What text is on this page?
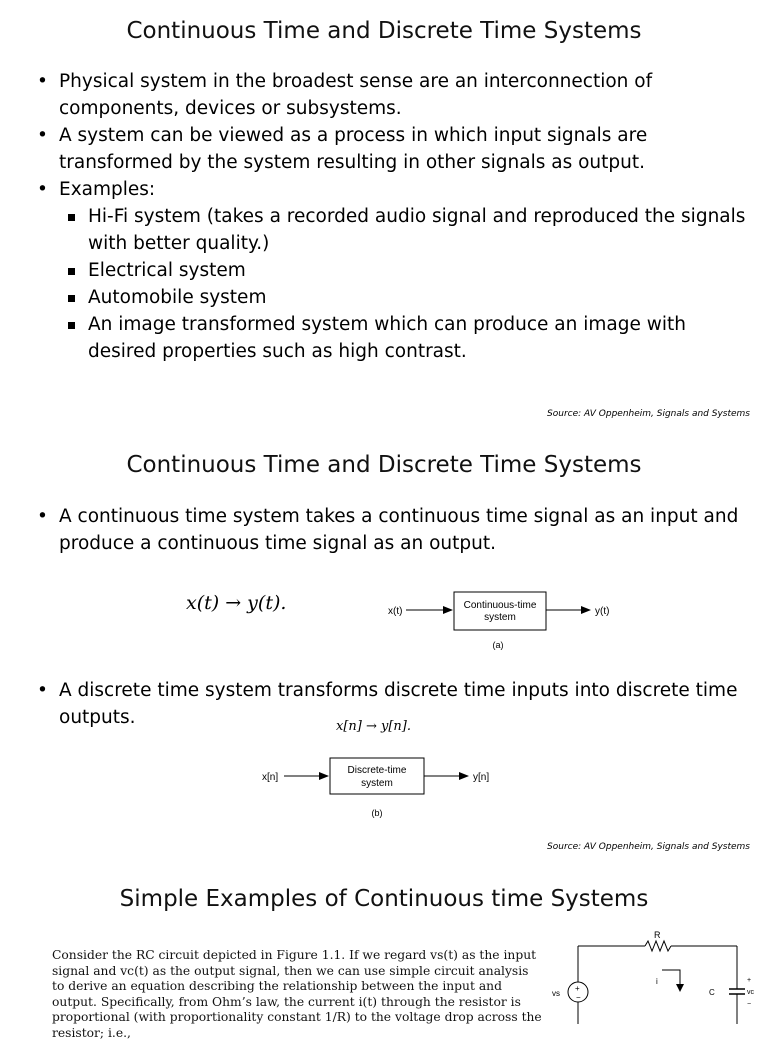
Continuous Time and Discrete Time Systems
• Physical system in the broadest sense are an interconnection of components, devices or subsystems.
• A system can be viewed as a process in which input signals are transformed by the system resulting in other signals as output.
• Examples:
Hi-Fi system (takes a recorded audio signal and reproduced the signals with better quality.)
Electrical system
Automobile system
An image transformed system which can produce an image with desired properties such as high contrast.
Source: AV Oppenheim, Signals and Systems
Continuous Time and Discrete Time Systems
• A continuous time system takes a continuous time signal as an input and produce a continuous time signal as an output.
x(t) → y(t).	x(t)
Continuous-time
system
y(t)
(a)
• A discrete time system transforms discrete time inputs into discrete time outputs.	x[n] → y[n].
x[n]
Discrete-time
system
y[n]
(b)
Source: AV Oppenheim, Signals and Systems
Simple Examples of Continuous time Systems

Consider the RC circuit depicted in Figure 1.1. If we regard vs(t) as the input signal and vc(t) as the output signal, then we can use simple circuit analysis to derive an equation describing the relationship between the input and output. Specifically, from Ohm’s law, the current i(t) through the resistor is proportional (with proportionality constant 1/R) to the voltage drop across the resistor; i.e.,

R
+
−
vs
i
C
+
vc
−
